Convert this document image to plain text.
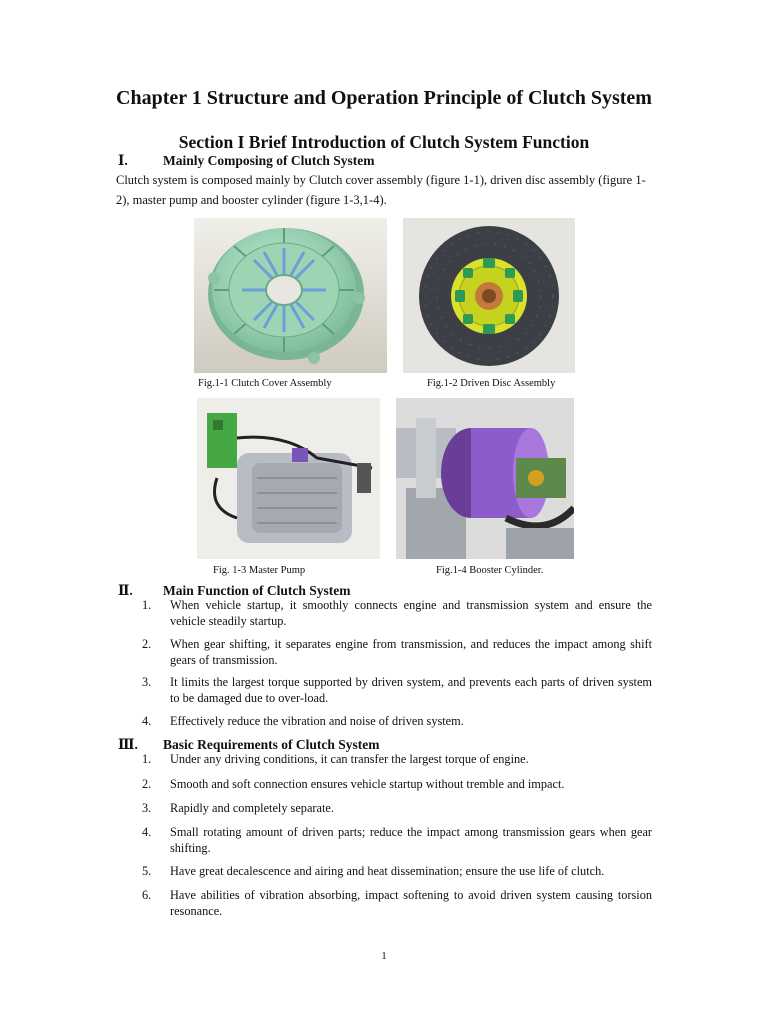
Chapter 1 Structure and Operation Principle of Clutch System
Section I Brief Introduction of Clutch System Function
Ⅰ.	Mainly Composing of Clutch System

Clutch system is composed mainly by Clutch cover assembly (figure 1-1), driven disc assembly (figure 1-2), master pump and booster cylinder (figure 1-3,1-4).

Fig.1-1 Clutch Cover Assembly	Fig.1-2 Driven Disc Assembly
Fig. 1-3 Master Pump	Fig.1-4 Booster Cylinder.
Ⅱ. Main Function of Clutch System
1. When vehicle startup, it smoothly connects engine and transmission system and ensure the vehicle steadily startup.
2. When gear shifting, it separates engine from transmission, and reduces the impact among shift gears of transmission.
3. It limits the largest torque supported by driven system, and prevents each parts of driven system to be damaged due to over-load.
4. Effectively reduce the vibration and noise of driven system.
Ⅲ. Basic Requirements of Clutch System
1. Under any driving conditions, it can transfer the largest torque of engine.
2. Smooth and soft connection ensures vehicle startup without tremble and impact.
3. Rapidly and completely separate.
4. Small rotating amount of driven parts; reduce the impact among transmission gears when gear shifting.
5. Have great decalescence and airing and heat dissemination; ensure the use life of clutch.
6. Have abilities of vibration absorbing, impact softening to avoid driven system causing torsion resonance.
1
